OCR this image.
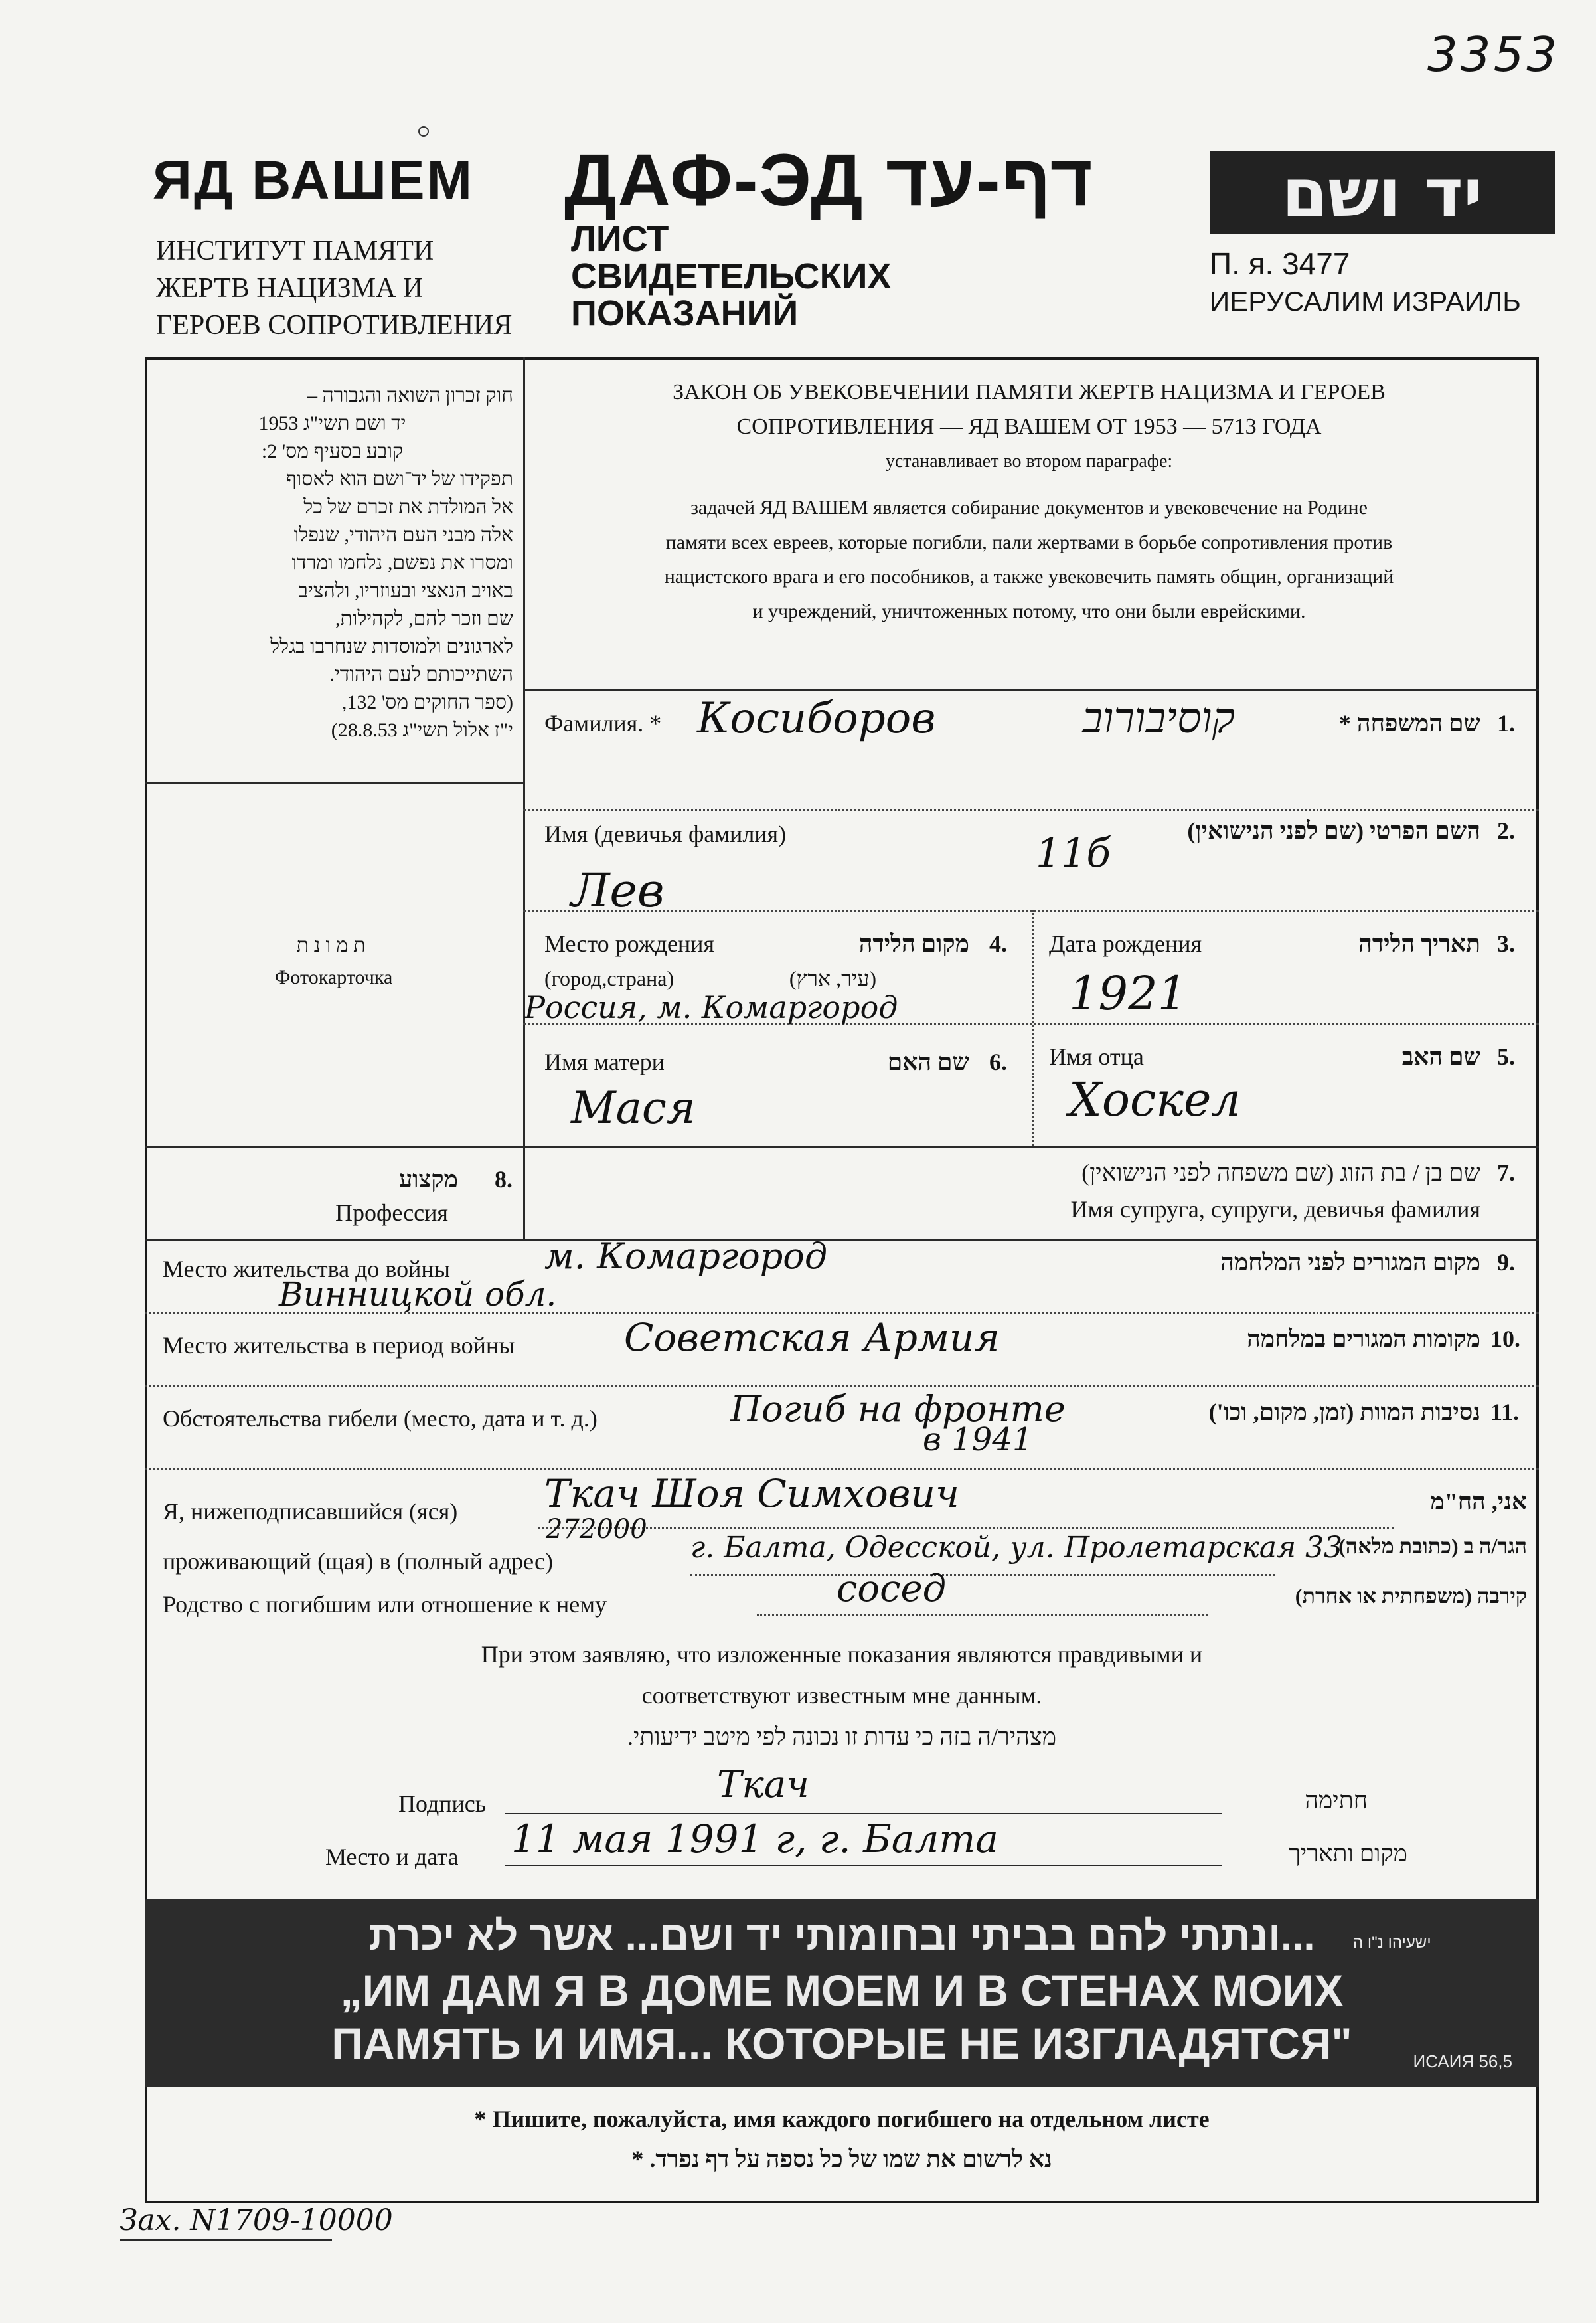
3353
ЯД ВАШЕМ
ИНСТИТУТ ПАМЯТИ
ЖЕРТВ НАЦИЗМА И
ГЕРОЕВ СОПРОТИВЛЕНИЯ
ДАФ-ЭД דף-עד
ЛИСТ
СВИДЕТЕЛЬСКИХ
ПОКАЗАНИЙ
יד ושם
П. я. 3477
ИЕРУСАЛИМ ИЗРАИЛЬ
חוק זכרון השואה והגבורה –
יד ושם תשי"ג 1953
קובע בסעיף מס' 2:
תפקידו של יד־ושם הוא לאסוף
אל המולדת את זכרם של כל
אלה מבני העם היהודי, שנפלו
ומסרו את נפשם, נלחמו ומרדו
באויב הנאצי ובעוזריו, ולהציב
שם וזכר להם, לקהילות,
לארגונים ולמוסדות שנחרבו בגלל
השתייכותם לעם היהודי.
(ספר החוקים מס' 132,
י"ז אלול תשי"ג 28.8.53)
ЗАКОН ОБ УВЕКОВЕЧЕНИИ ПАМЯТИ ЖЕРТВ НАЦИЗМА И ГЕРОЕВ
СОПРОТИВЛЕНИЯ — ЯД ВАШЕМ ОТ 1953 — 5713 ГОДА
устанавливает во втором параграфе:
задачей ЯД ВАШЕМ является собирание документов и увековечение на Родине
памяти всех евреев, которые погибли, пали жертвами в борьбе сопротивления против
нацистского врага и его пособников, а также увековечить память общин, организаций
и учреждений, уничтоженных потому, что они были еврейскими.
תמונת
Фотокарточка
Фамилия. * Косиборов	קוסיבורוב	שם המשפחה * 1.
Имя (девичья фамилия)
Лев
11б	השם הפרטי (שם לפני הנישואין) 2.
Место рождения
(город,страна)
מקום הלידה
(עיר, ארץ)
4.
Россия, м. Комаргород
Дата рождения	תאריך הלידה 3.
1921
Имя матери	שם האם 6.
Мася
Имя отца	שם האב 5.
Хоскел
מקצוע 8.
Профессия
שם בן / בת הזוג (שם משפחה לפני הנישואין) 7.
Имя супруга, супруги, девичья фамилия
Место жительства до войны	м. Комаргород
Винницкой обл.
מקום המגורים לפני המלחמה 9.
Место жительства в период войны	Советская Армия	מקומות המגורים במלחמה 10.
Обстоятельства гибели (место, дата и т. д.)	Погиб на фронте
в 1941
נסיבות המוות (זמן, מקום, וכו') 11.
Я, нижеподписавшийся (яся) Ткач Шоя Симхович	אני, הח"מ
проживающий (щая) в (полный адрес)
272000
г. Балта, Одесской, ул. Пролетарская 33
הגר/ה ב (כתובת מלאה)
Родство с погибшим или отношение к нему	сосед	קירבה (משפחתית או אחרת)
При этом заявляю, что изложенные показания являются правдивыми и
соответствуют известным мне данным.
מצהיר/ה בזה כי עדות זו נכונה לפי מיטב ידיעותי.
Подпись	Ткач	חתימה
Место и дата 11 мая 1991 г, г. Балта	מקום ותאריך
...ונתתי להם בביתי ובחומותי יד ושם... אשר לא יכרת	ישעיהו נ"ו ה
„ИМ ДАМ Я В ДОМЕ МОЕМ И В СТЕНАХ МОИХ
ПАМЯТЬ И ИМЯ... КОТОРЫЕ НЕ ИЗГЛАДЯТСЯ"	ИСАИЯ 56,5
* Пишите, пожалуйста, имя каждого погибшего на отдельном листе
נא לרשום את שמו של כל נספה על דף נפרד. *
Зах. N1709-10000
